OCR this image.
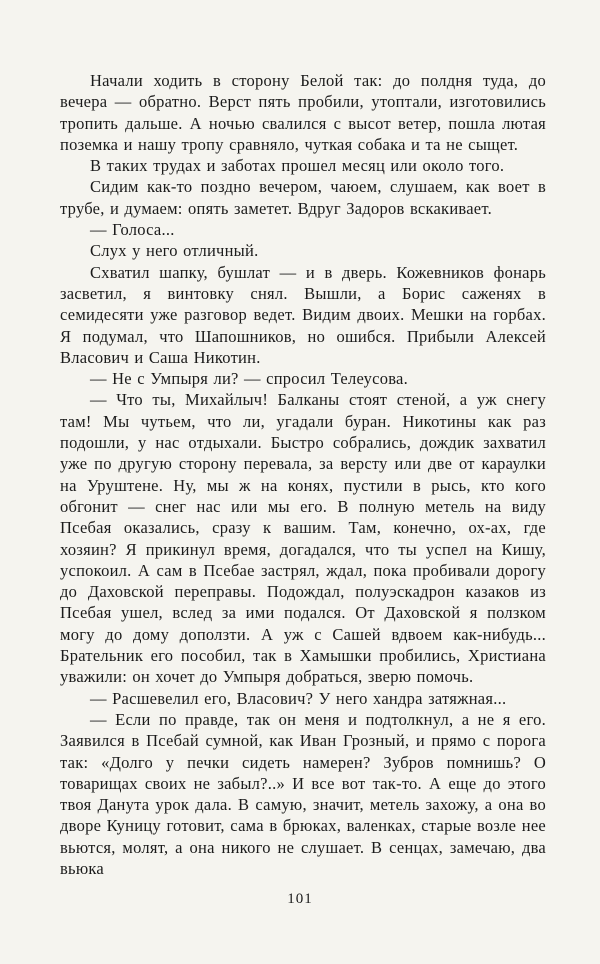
Начали ходить в сторону Белой так: до полдня туда, до вечера — обратно. Верст пять пробили, утоптали, изготовились тропить дальше. А ночью свалился с высот ветер, пошла лютая поземка и нашу тропу сравняло, чуткая собака и та не сыщет.

В таких трудах и заботах прошел месяц или около того.

Сидим как-то поздно вечером, чаюем, слушаем, как воет в трубе, и думаем: опять заметет. Вдруг Задоров вскакивает.

— Голоса...

Слух у него отличный.

Схватил шапку, бушлат — и в дверь. Кожевников фонарь засветил, я винтовку снял. Вышли, а Борис саженях в семидесяти уже разговор ведет. Видим двоих. Мешки на горбах. Я подумал, что Шапошников, но ошибся. Прибыли Алексей Власович и Саша Никотин.

— Не с Умпыря ли? — спросил Телеусова.

— Что ты, Михайлыч! Балканы стоят стеной, а уж снегу там! Мы чутьем, что ли, угадали буран. Никотины как раз подошли, у нас отдыхали. Быстро собрались, дождик захватил уже по другую сторону перевала, за версту или две от караулки на Уруштене. Ну, мы ж на конях, пустили в рысь, кто кого обгонит — снег нас или мы его. В полную метель на виду Псебая оказались, сразу к вашим. Там, конечно, ох-ах, где хозяин? Я прикинул время, догадался, что ты успел на Кишу, успокоил. А сам в Псебае застрял, ждал, пока пробивали дорогу до Даховской переправы. Подождал, полуэскадрон казаков из Псебая ушел, вслед за ими подался. От Даховской я ползком могу до дому доползти. А уж с Сашей вдвоем как-нибудь... Брательник его пособил, так в Хамышки пробились, Христиана уважили: он хочет до Умпыря добраться, зверю помочь.

— Расшевелил его, Власович? У него хандра затяжная...

— Если по правде, так он меня и подтолкнул, а не я его. Заявился в Псебай сумной, как Иван Грозный, и прямо с порога так: «Долго у печки сидеть намерен? Зубров помнишь? О товарищах своих не забыл?..» И все вот так-то. А еще до этого твоя Данута урок дала. В самую, значит, метель захожу, а она во дворе Куницу готовит, сама в брюках, валенках, старые возле нее вьются, молят, а она никого не слушает. В сенцах, замечаю, два вьюка

101
